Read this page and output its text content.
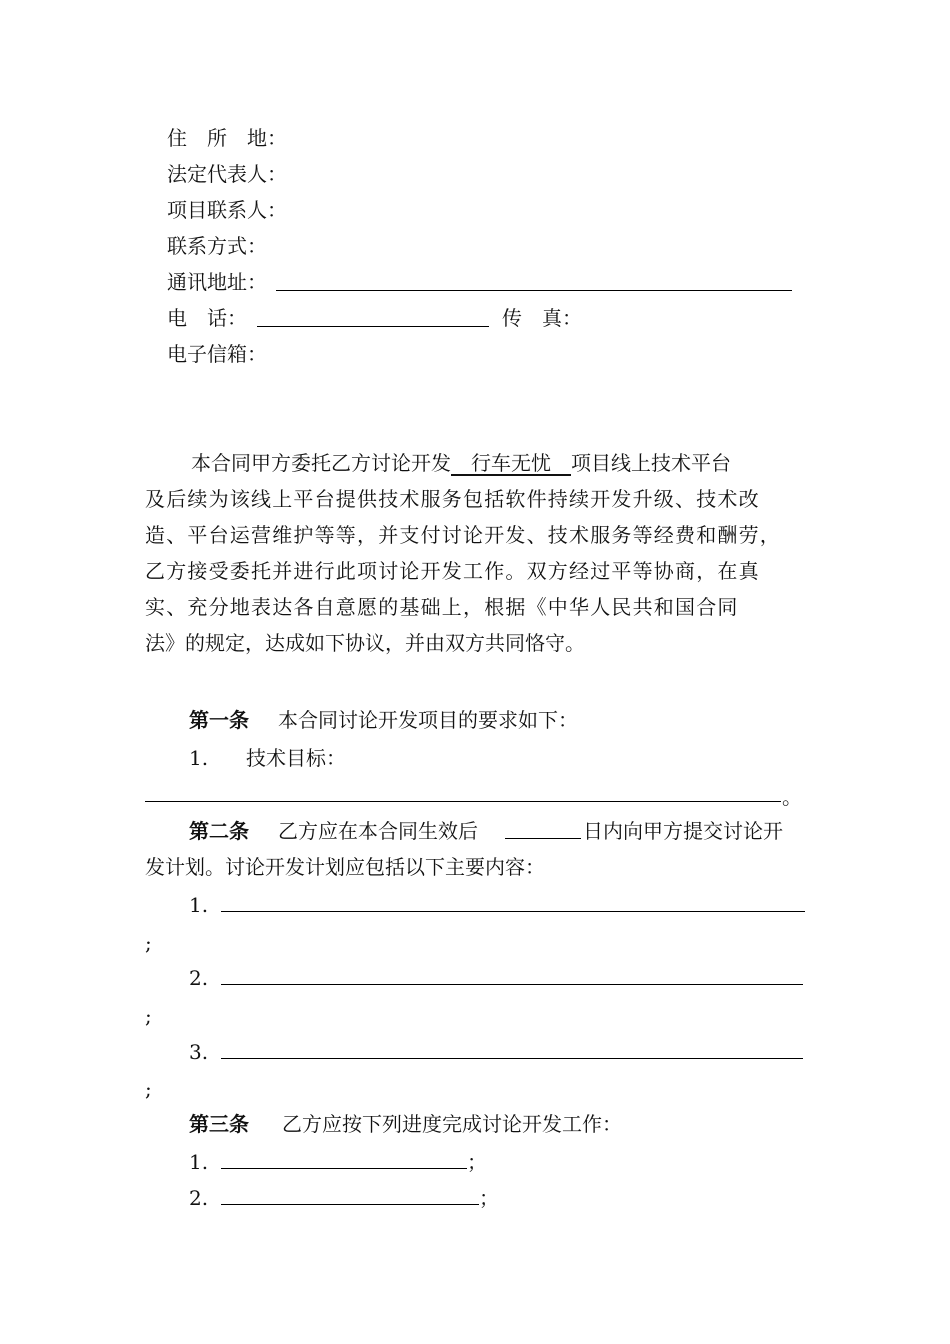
住　所　地：
法定代表人：
项目联系人：
联系方式：
通讯地址：
电　话：	传　真：
电子信箱：
本合同甲方委托乙方讨论开发　行车无忧　项目线上技术平台
及后续为该线上平台提供技术服务包括软件持续开发升级、技术改
造、平台运营维护等等，并支付讨论开发、技术服务等经费和酬劳，
乙方接受委托并进行此项讨论开发工作。双方经过平等协商，在真
实、充分地表达各自意愿的基础上，根据《中华人民共和国合同
法》的规定，达成如下协议，并由双方共同恪守。
第一条 本合同讨论开发项目的要求如下：
1. 技术目标：
。
第二条 乙方应在本合同生效后	日内向甲方提交讨论开
发计划。讨论开发计划应包括以下主要内容：
1.
;
2.
;
3.
;
第三条 乙方应按下列进度完成讨论开发工作：
1.	；
2.	；
